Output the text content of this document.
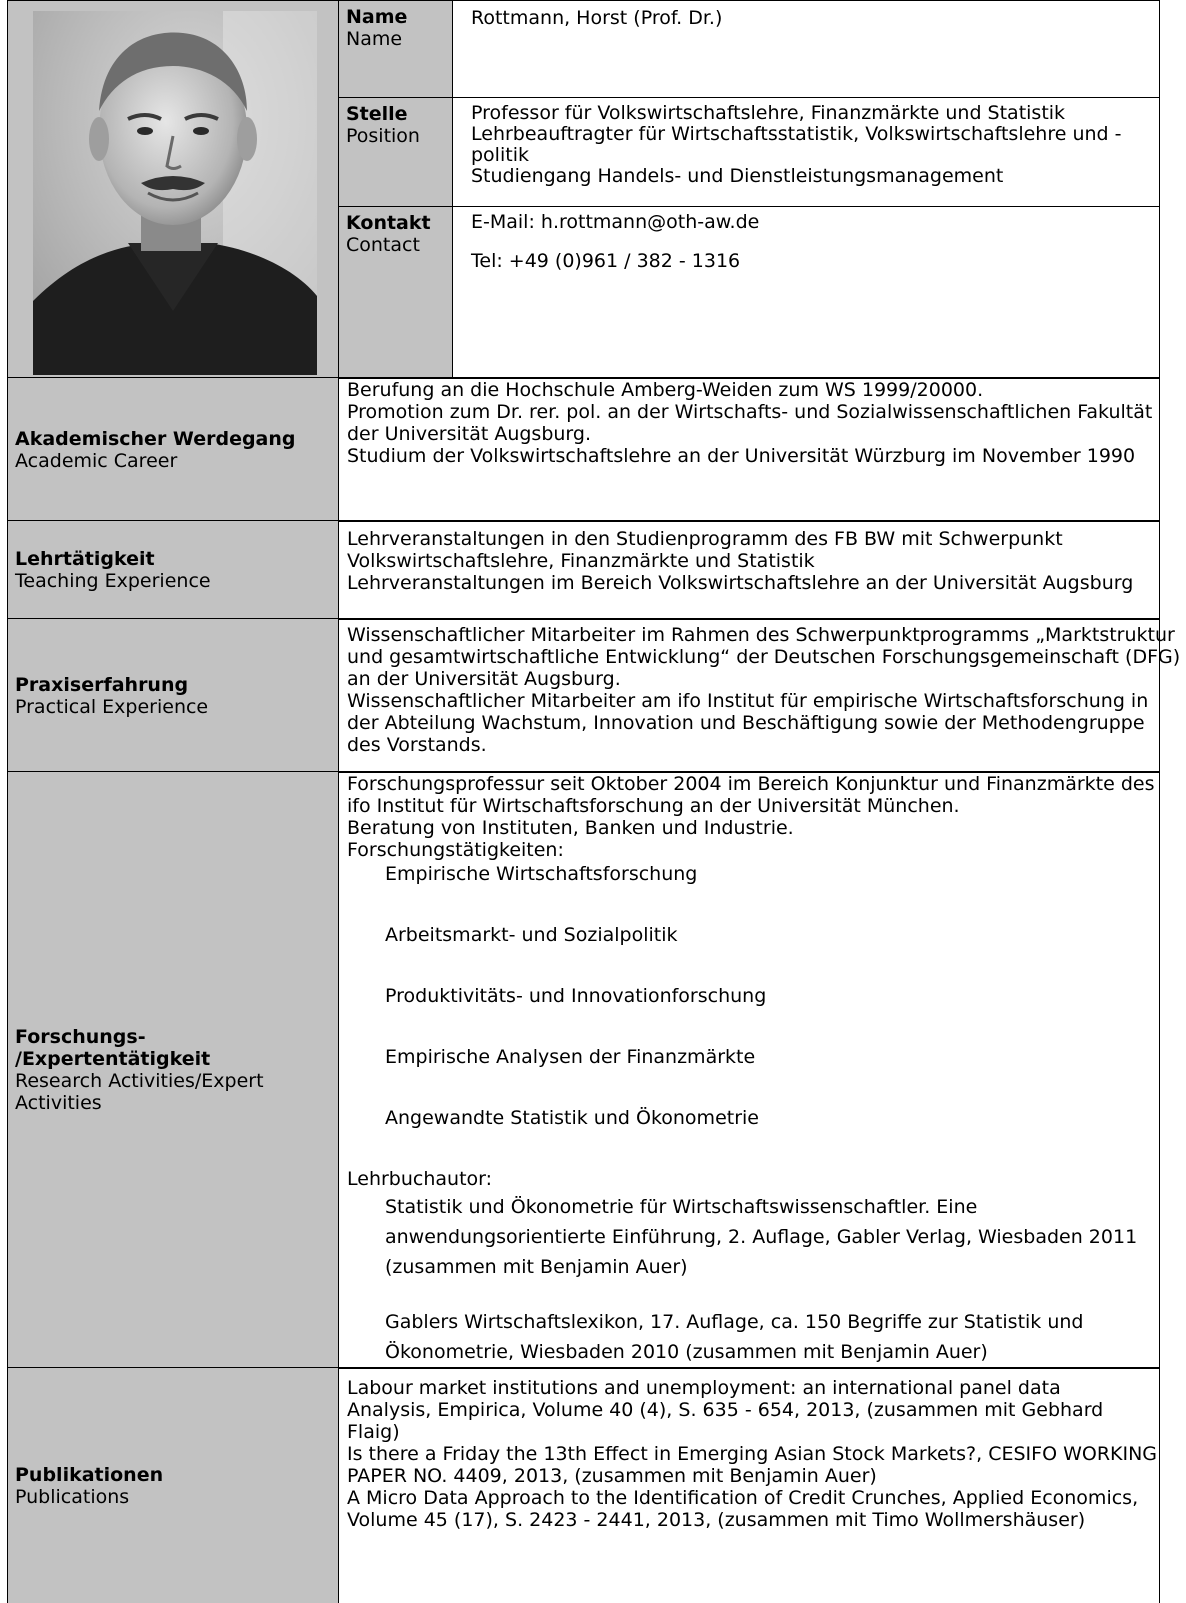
Name
Name
Rottmann, Horst (Prof. Dr.)
Stelle
Position
Professor für Volkswirtschaftslehre, Finanzmärkte und Statistik
Lehrbeauftragter für Wirtschaftsstatistik, Volkswirtschaftslehre und -
politik
Studiengang Handels- und Dienstleistungsmanagement
Kontakt
Contact
E-Mail: h.rottmann@oth-aw.de
Tel: +49 (0)961 / 382 - 1316
Akademischer Werdegang
Academic Career
Berufung an die Hochschule Amberg-Weiden zum WS 1999/20000.
Promotion zum Dr. rer. pol. an der Wirtschafts- und Sozialwissenschaftlichen Fakultät
der Universität Augsburg.
Studium der Volkswirtschaftslehre an der Universität Würzburg im November 1990
Lehrtätigkeit
Teaching Experience
Lehrveranstaltungen in den Studienprogramm des FB BW mit Schwerpunkt
Volkswirtschaftslehre, Finanzmärkte und Statistik
Lehrveranstaltungen im Bereich Volkswirtschaftslehre an der Universität Augsburg
Praxiserfahrung
Practical Experience
Wissenschaftlicher Mitarbeiter im Rahmen des Schwerpunktprogramms „Marktstruktur
und gesamtwirtschaftliche Entwicklung“ der Deutschen Forschungsgemeinschaft (DFG)
an der Universität Augsburg.
Wissenschaftlicher Mitarbeiter am ifo Institut für empirische Wirtschaftsforschung in
der Abteilung Wachstum, Innovation und Beschäftigung sowie der Methodengruppe
des Vorstands.
Forschungs-
/Expertentätigkeit
Research Activities/Expert
Activities
Forschungsprofessur seit Oktober 2004 im Bereich Konjunktur und Finanzmärkte des
ifo Institut für Wirtschaftsforschung an der Universität München.
Beratung von Instituten, Banken und Industrie.
Forschungstätigkeiten:
Empirische Wirtschaftsforschung
Arbeitsmarkt- und Sozialpolitik
Produktivitäts- und Innovationforschung
Empirische Analysen der Finanzmärkte
Angewandte Statistik und Ökonometrie
Lehrbuchautor:
Statistik und Ökonometrie für Wirtschaftswissenschaftler. Eine
anwendungsorientierte Einführung, 2. Auflage, Gabler Verlag, Wiesbaden 2011
(zusammen mit Benjamin Auer)
Gablers Wirtschaftslexikon, 17. Auflage, ca. 150 Begriffe zur Statistik und
Ökonometrie, Wiesbaden 2010 (zusammen mit Benjamin Auer)
Publikationen
Publications
Labour market institutions and unemployment: an international panel data
Analysis, Empirica, Volume 40 (4), S. 635 - 654, 2013, (zusammen mit Gebhard
Flaig)
Is there a Friday the 13th Effect in Emerging Asian Stock Markets?, CESIFO WORKING
PAPER NO. 4409, 2013, (zusammen mit Benjamin Auer)
A Micro Data Approach to the Identification of Credit Crunches, Applied Economics,
Volume 45 (17), S. 2423 - 2441, 2013, (zusammen mit Timo Wollmershäuser)
